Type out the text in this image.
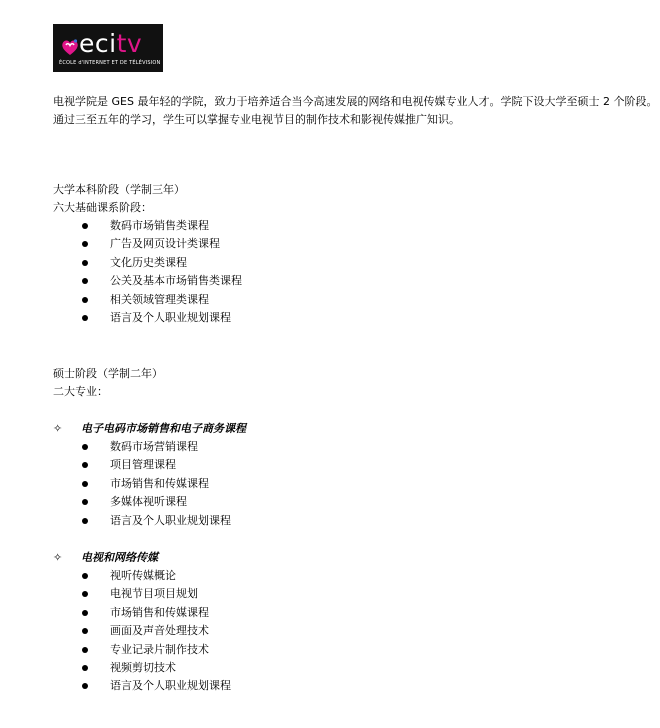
ecitv
ÉCOLE d'INTERNET ET DE TÉLÉVISION

电视学院是 GES 最年轻的学院，致力于培养适合当今高速发展的网络和电视传媒专业人才。学院下设大学至硕士 2 个阶段。

通过三至五年的学习，学生可以掌握专业电视节目的制作技术和影视传媒推广知识。

大学本科阶段（学制三年）
六大基础课系阶段：
数码市场销售类课程
广告及网页设计类课程
文化历史类课程
公关及基本市场销售类课程
相关领域管理类课程
语言及个人职业规划课程
硕士阶段（学制二年）
二大专业：
✧ 电子电码市场销售和电子商务课程
数码市场营销课程
项目管理课程
市场销售和传媒课程
多媒体视听课程
语言及个人职业规划课程
✧ 电视和网络传媒
视听传媒概论
电视节目项目规划
市场销售和传媒课程
画面及声音处理技术
专业记录片制作技术
视频剪切技术
语言及个人职业规划课程
